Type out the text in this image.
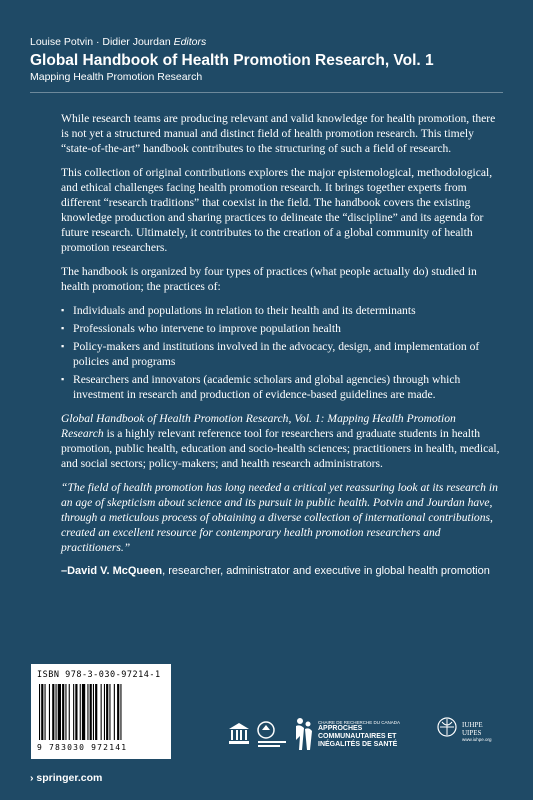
Louise Potvin · Didier Jourdan Editors
Global Handbook of Health Promotion Research, Vol. 1
Mapping Health Promotion Research

While research teams are producing relevant and valid knowledge for health promotion, there is not yet a structured manual and distinct field of health promotion research. This timely “state-of-the-art” handbook contributes to the structuring of such a field of research.

This collection of original contributions explores the major epistemological, methodological, and ethical challenges facing health promotion research. It brings together experts from different “research traditions” that coexist in the field. The handbook covers the existing knowledge production and sharing practices to delineate the “discipline” and its agenda for future research. Ultimately, it contributes to the creation of a global community of health promotion researchers.

The handbook is organized by four types of practices (what people actually do) studied in health promotion; the practices of:

▪ Individuals and populations in relation to their health and its determinants
▪ Professionals who intervene to improve population health
▪ Policy-makers and institutions involved in the advocacy, design, and implementation of policies and programs
▪ Researchers and innovators (academic scholars and global agencies) through which investment in research and production of evidence-based guidelines are made.

Global Handbook of Health Promotion Research, Vol. 1: Mapping Health Promotion Research is a highly relevant reference tool for researchers and graduate students in health promotion, public health, education and socio-health sciences; practitioners in health, medical, and social sectors; policy-makers; and health research administrators.

“The field of health promotion has long needed a critical yet reassuring look at its research in an age of skepticism about science and its pursuit in public health. Potvin and Jourdan have, through a meticulous process of obtaining a diverse collection of international contributions, created an excellent resource for contemporary health promotion researchers and practitioners.”

–David V. McQueen, researcher, administrator and executive in global health promotion

ISBN 978-3-030-97214-1
9 783030 972141
› springer.com
CHAIRE DE RECHERCHE DU CANADA
APPROCHES COMMUNAUTAIRES ET INÉGALITÉS DE SANTÉ
IUHPE UIPES
www.iuhpe.org
